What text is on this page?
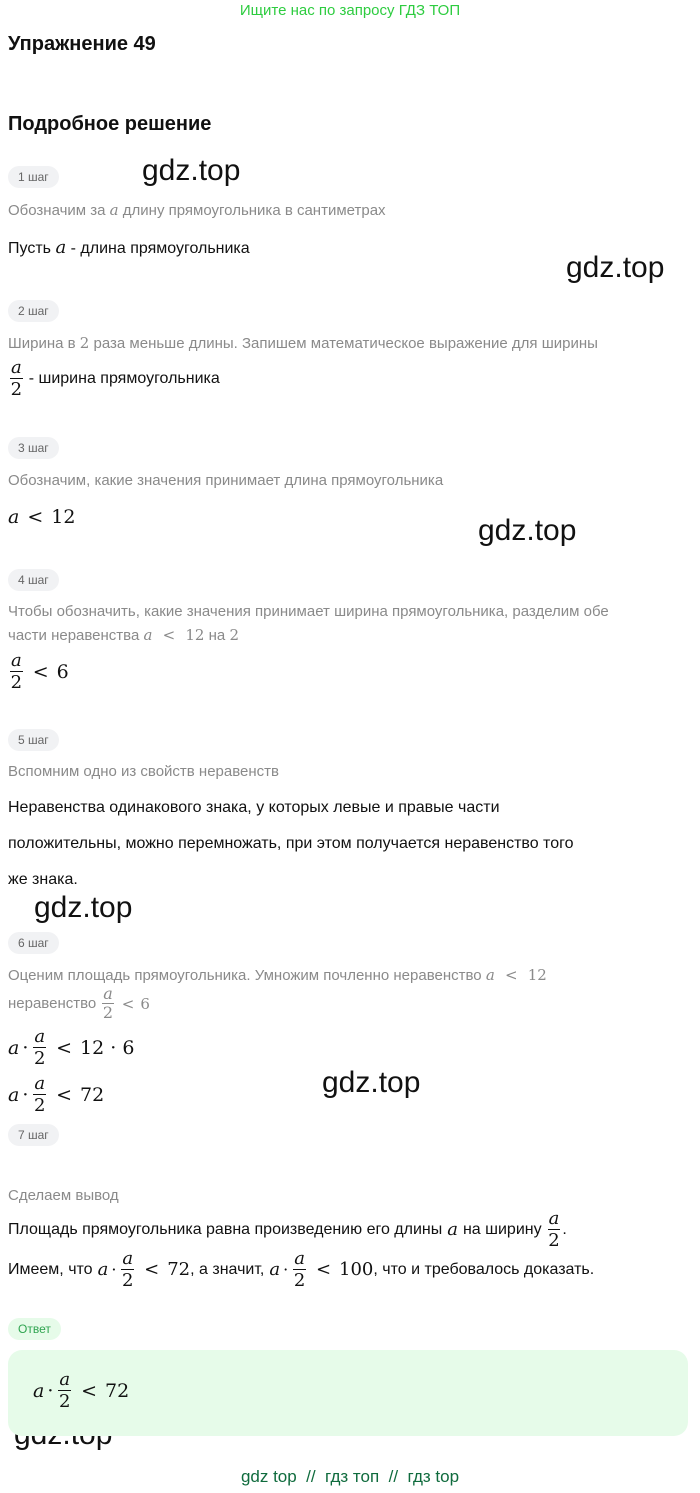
Ищите нас по запросу ГДЗ ТОП
Упражнение 49
Подробное решение
gdz.top
gdz.top
gdz.top
gdz.top
gdz.top
1 шаг
Обозначим за a длину прямоугольника в сантиметрах
Пусть a - длина прямоугольника
2 шаг
Ширина в 2 раза меньше длины. Запишем математическое выражение для ширины
$\frac{a}{2}$ - ширина прямоугольника
3 шаг
Обозначим, какие значения принимает длина прямоугольника
a < 12
4 шаг
Чтобы обозначить, какие значения принимает ширина прямоугольника, разделим обе
части неравенства a < 12 на 2
$\frac{a}{2} < 6$
5 шаг
Вспомним одно из свойств неравенств
Неравенства одинакового знака, у которых левые и правые части
положительны, можно перемножать, при этом получается неравенство того
же знака.
6 шаг
Оценим площадь прямоугольника. Умножим почленно неравенство a < 12
неравенство $\frac{a}{2} < 6$
$a \cdot \frac{a}{2} < 12 \cdot 6$
$a \cdot \frac{a}{2} < 72$
7 шаг
Сделаем вывод
Площадь прямоугольника равна произведению его длины a на ширину $\frac{a}{2}$ .
Имеем, что $a \cdot \frac{a}{2} < 72$ , а значит, $a \cdot \frac{a}{2} < 100$ , что и требовалось доказать.
Ответ
$a \cdot \frac{a}{2} < 72$
gdz top  //  гдз топ  //  гдз top
